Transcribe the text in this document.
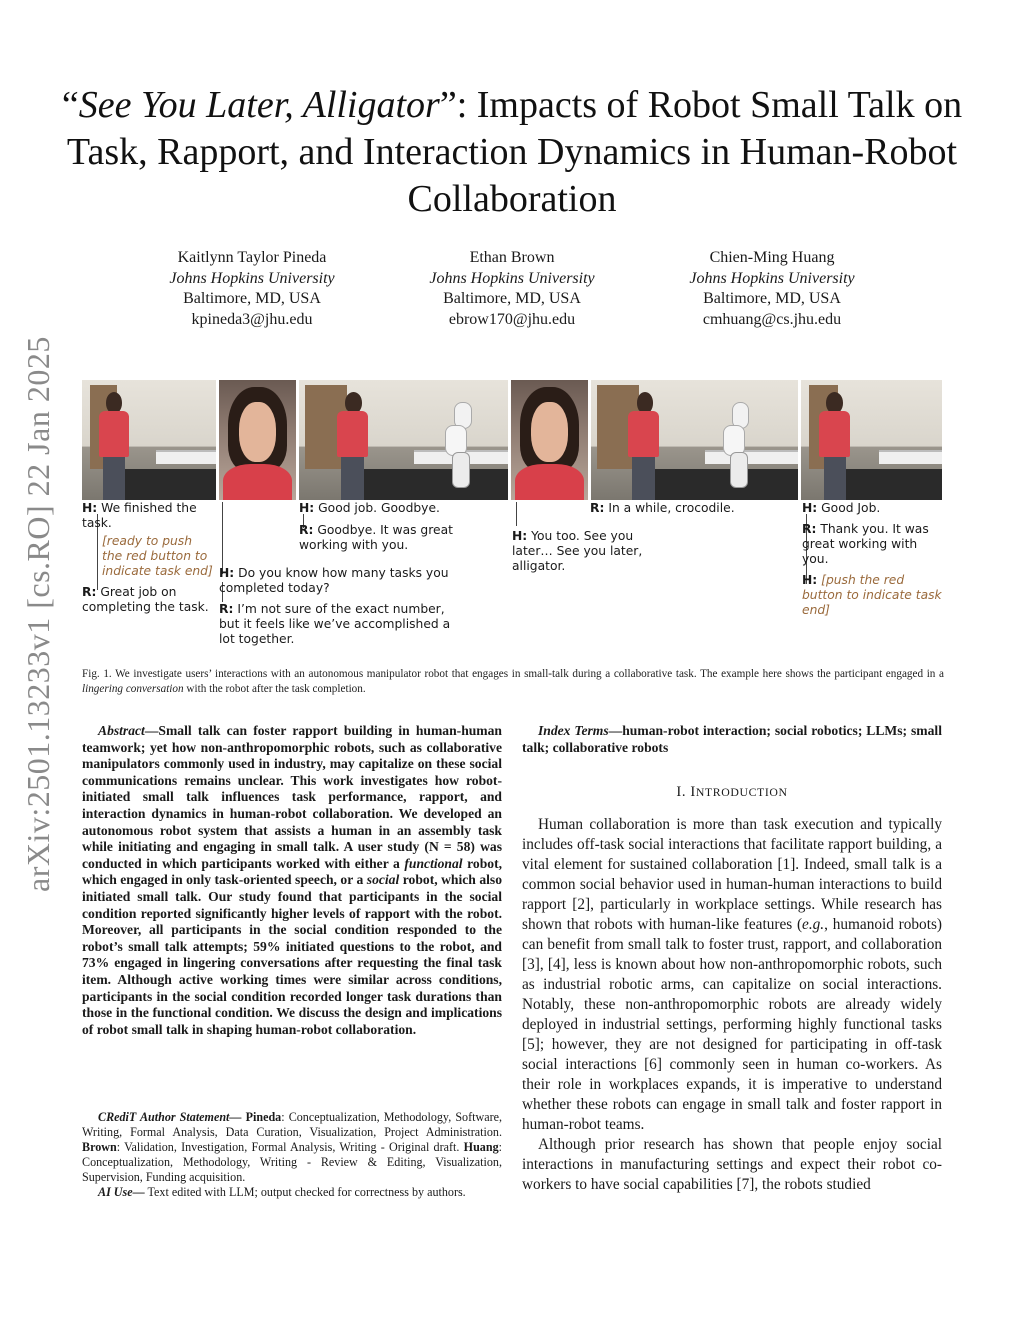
arXiv:2501.13233v1 [cs.RO] 22 Jan 2025
“See You Later, Alligator”: Impacts of Robot Small Talk on Task, Rapport, and Interaction Dynamics in Human-Robot Collaboration
Kaitlynn Taylor Pineda
Johns Hopkins University
Baltimore, MD, USA
kpineda3@jhu.edu
Ethan Brown
Johns Hopkins University
Baltimore, MD, USA
ebrow170@jhu.edu
Chien-Ming Huang
Johns Hopkins University
Baltimore, MD, USA
cmhuang@cs.jhu.edu
H: We finished the task.
[ready to push the red button to indicate task end]
R: Great job on completing the task.
H: Do you know how many tasks you completed today?
R: I’m not sure of the exact number, but it feels like we’ve accomplished a lot together.
H: Good job. Goodbye.
R: Goodbye. It was great working with you.
H: You too. See you later… See you later, alligator.
R: In a while, crocodile.	H: Good Job.
R: Thank you. It was great working with you.
H: [push the red button to indicate task end]
Fig. 1. We investigate users’ interactions with an autonomous manipulator robot that engages in small-talk during a collaborative task. The example here shows the participant engaged in a lingering conversation with the robot after the task completion.
Abstract—Small talk can foster rapport building in human-human teamwork; yet how non-anthropomorphic robots, such as collaborative manipulators commonly used in industry, may capitalize on these social communications remains unclear. This work investigates how robot-initiated small talk influences task performance, rapport, and interaction dynamics in human-robot collaboration. We developed an autonomous robot system that assists a human in an assembly task while initiating and engaging in small talk. A user study (N = 58) was conducted in which participants worked with either a functional robot, which engaged in only task-oriented speech, or a social robot, which also initiated small talk. Our study found that participants in the social condition reported significantly higher levels of rapport with the robot. Moreover, all participants in the social condition responded to the robot’s small talk attempts; 59% initiated questions to the robot, and 73% engaged in lingering conversations after requesting the final task item. Although active working times were similar across conditions, participants in the social condition recorded longer task durations than those in the functional condition. We discuss the design and implications of robot small talk in shaping human-robot collaboration.

CRediT Author Statement— Pineda: Conceptualization, Methodology, Software, Writing, Formal Analysis, Data Curation, Visualization, Project Administration. Brown: Validation, Investigation, Formal Analysis, Writing - Original draft. Huang: Conceptualization, Methodology, Writing - Review & Editing, Visualization, Supervision, Funding acquisition.

AI Use— Text edited with LLM; output checked for correctness by authors.

Index Terms—human-robot interaction; social robotics; LLMs; small talk; collaborative robots

I. INTRODUCTION

Human collaboration is more than task execution and typically includes off-task social interactions that facilitate rapport building, a vital element for sustained collaboration [1]. Indeed, small talk is a common social behavior used in human-human interactions to build rapport [2], particularly in workplace settings. While research has shown that robots with human-like features (e.g., humanoid robots) can benefit from small talk to foster trust, rapport, and collaboration [3], [4], less is known about how non-anthropomorphic robots, such as industrial robotic arms, can capitalize on social interactions. Notably, these non-anthropomorphic robots are already widely deployed in industrial settings, performing highly functional tasks [5]; however, they are not designed for participating in off-task social interactions [6] commonly seen in human co-workers. As their role in workplaces expands, it is imperative to understand whether these robots can engage in small talk and foster rapport in human-robot teams.

Although prior research has shown that people enjoy social interactions in manufacturing settings and expect their robot co-workers to have social capabilities [7], the robots studied
